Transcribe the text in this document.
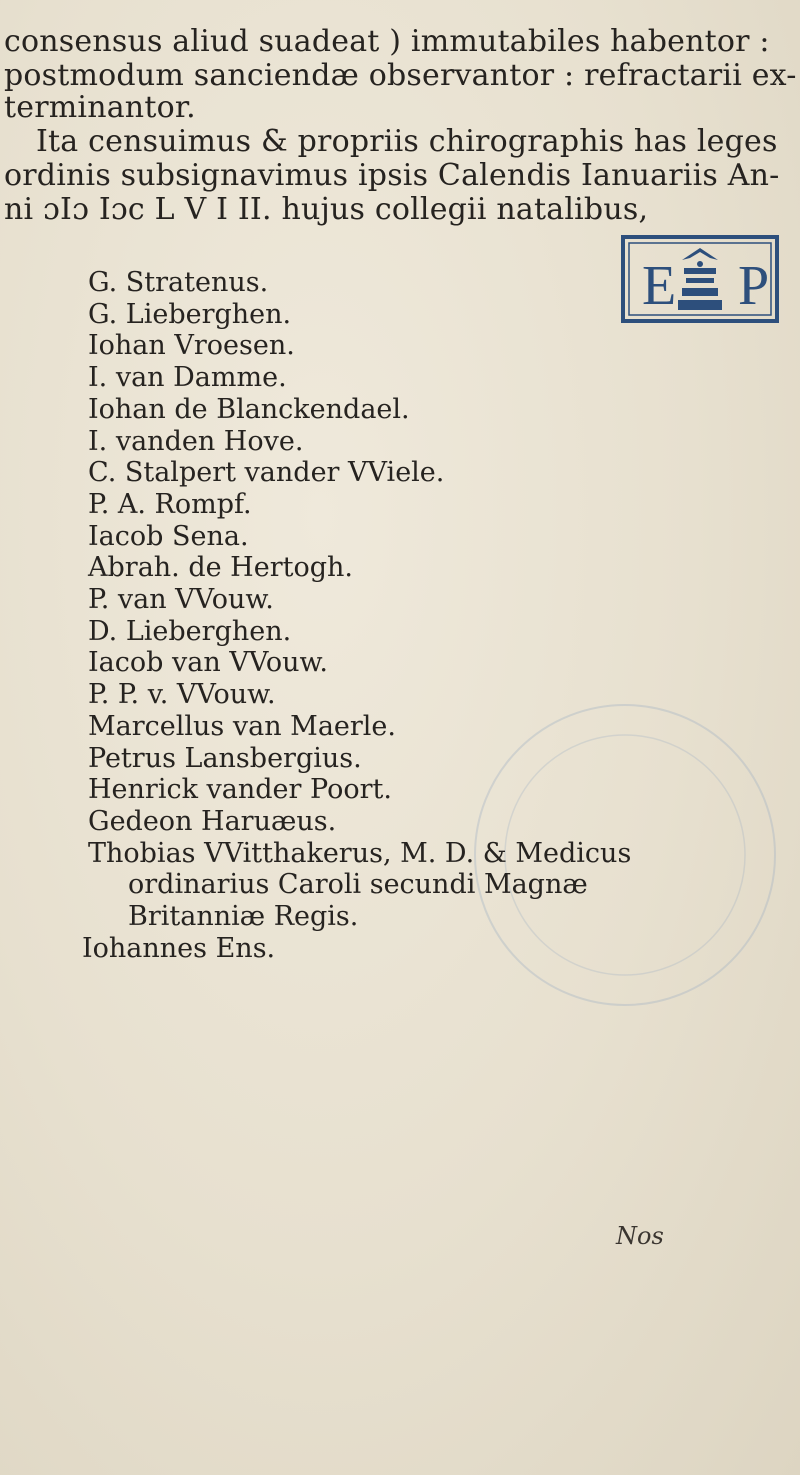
consensus aliud suadeat ) immutabiles habentor :
postmodum sanciendæ observantor : refractarii ex-
terminantor.
Ita censuimus & propriis chirographis has leges
ordinis subsignavimus ipsis Calendis Ianuariis An-
ni ɔIɔ Iɔc L V I II. hujus collegii natalibus,
E P
G. Stratenus.
G. Lieberghen.
Iohan Vroesen.
I. van Damme.
Iohan de Blanckendael.
I. vanden Hove.
C. Stalpert vander VViele.
P. A. Rompf.
Iacob Sena.
Abrah. de Hertogh.
P. van VVouw.
D. Lieberghen.
Iacob van VVouw.
P. P. v. VVouw.
Marcellus van Maerle.
Petrus Lansbergius.
Henrick vander Poort.
Gedeon Haruæus.
Thobias VVitthakerus, M. D. & Medicus ordinarius Caroli secundi Magnæ Britanniæ Regis.
Iohannes Ens.
Nos
